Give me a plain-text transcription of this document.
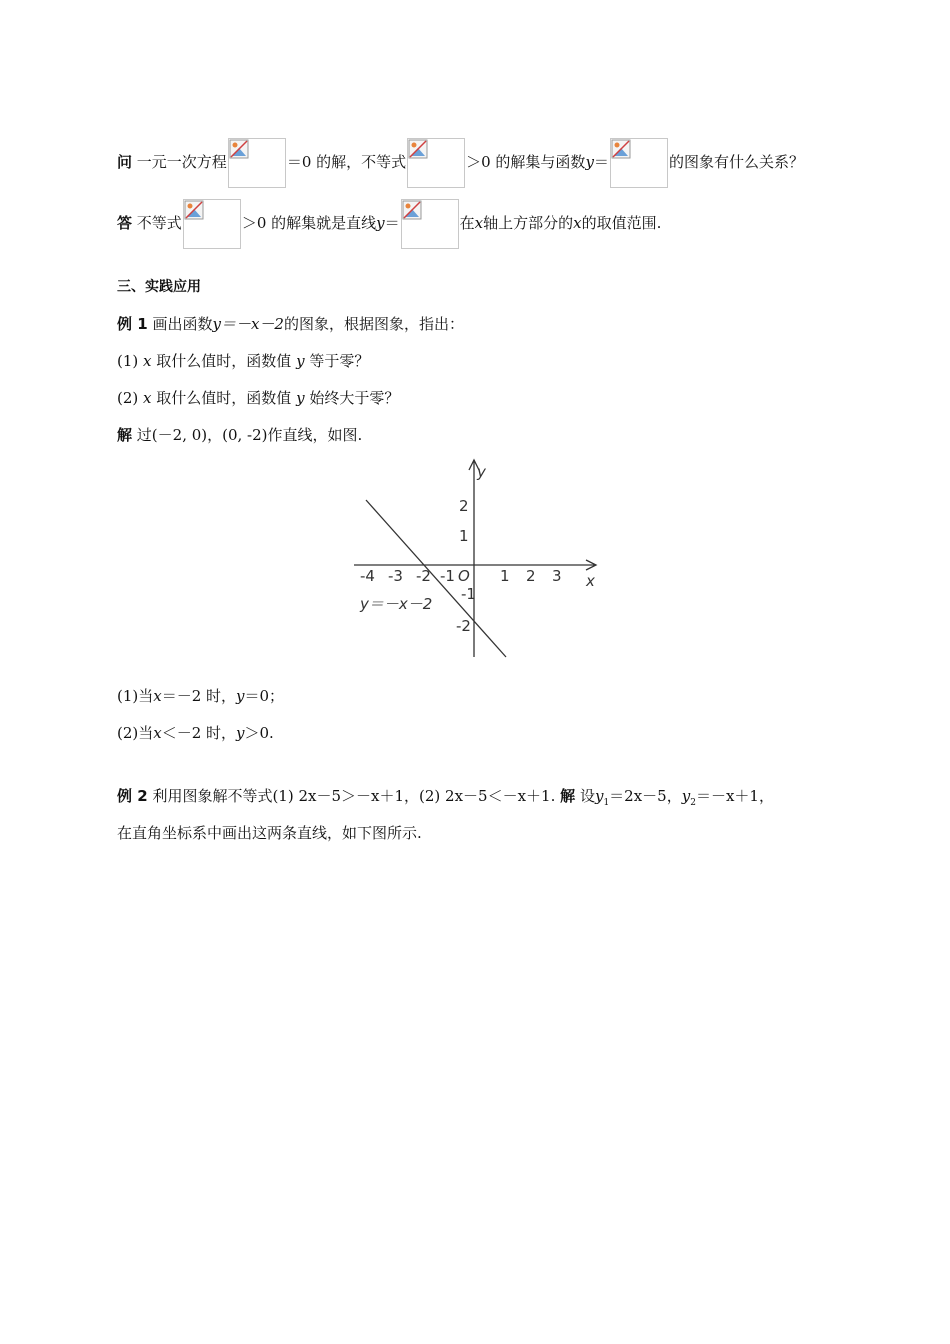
问 一元一次方程	＝0 的解，不等式	＞0 的解集与函数y＝	的图象有什么关系？
答 不等式	＞0 的解集就是直线y＝	在x轴上方部分的x的取值范围.
三、实践应用
例 1 画出函数y＝－x－2的图象，根据图象，指出：
(1) x 取什么值时，函数值 y 等于零？
(2) x 取什么值时，函数值 y 始终大于零？
解 过(－2, 0)，(0, -2)作直线，如图.
x
y
O
-4 -3 -2 -1	1 2 3
2
1
-1
-2
y＝－x－2
(1)当x＝－2 时，y＝0；
(2)当x＜－2 时，y＞0.
例 2 利用图象解不等式(1) 2x－5＞－x＋1，(2) 2x－5＜－x＋1. 解 设$y_1=2x-5$，$y_2=-x+1$，
在直角坐标系中画出这两条直线，如下图所示.
